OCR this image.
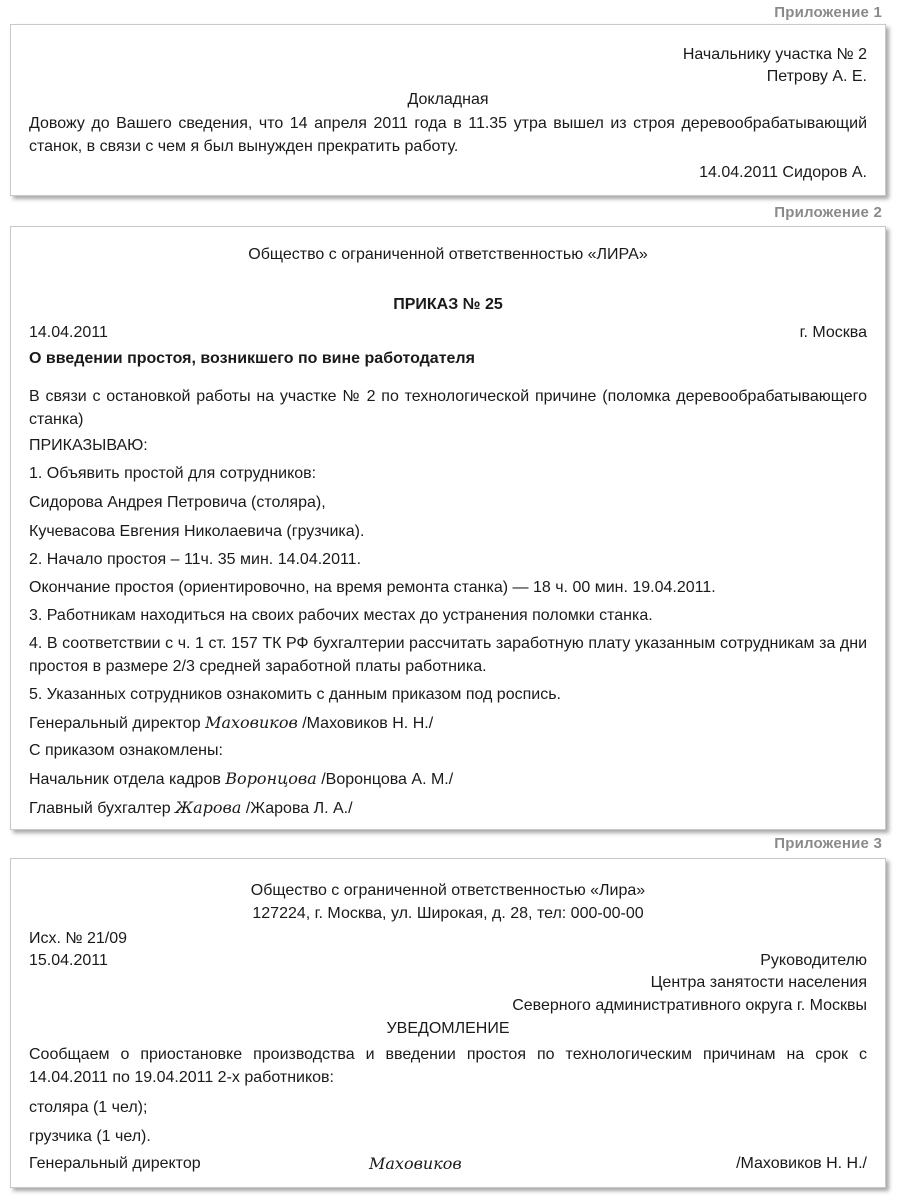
Приложение 1
Начальнику участка № 2
Петрову А. Е.
Докладная
Довожу до Вашего сведения, что 14 апреля 2011 года в 11.35 утра вышел из строя деревообрабатывающий станок, в связи с чем я был вынужден прекратить работу.
14.04.2011 Сидоров А.
Приложение 2
Общество с ограниченной ответственностью «ЛИРА»
ПРИКАЗ № 25
14.04.2011	г. Москва
О введении простоя, возникшего по вине работодателя
В связи с остановкой работы на участке № 2 по технологической причине (поломка деревообрабатывающего станка)
ПРИКАЗЫВАЮ:
1. Объявить простой для сотрудников:
Сидорова Андрея Петровича (столяра),
Кучевасова Евгения Николаевича (грузчика).
2. Начало простоя – 11ч. 35 мин. 14.04.2011.
Окончание простоя (ориентировочно, на время ремонта станка) — 18 ч. 00 мин. 19.04.2011.
3. Работникам находиться на своих рабочих местах до устранения поломки станка.
4. В соответствии с ч. 1 ст. 157 ТК РФ бухгалтерии рассчитать заработную плату указанным сотрудникам за дни простоя в размере 2/3 средней заработной платы работника.
5. Указанных сотрудников ознакомить с данным приказом под роспись.
Генеральный директор Маховиков /Маховиков Н. Н./
С приказом ознакомлены:
Начальник отдела кадров Воронцова /Воронцова А. М./
Главный бухгалтер Жарова /Жарова Л. А./
Приложение 3
Общество с ограниченной ответственностью «Лира»
127224, г. Москва, ул. Широкая, д. 28, тел: 000-00-00
Исх. № 21/09
15.04.2011	Руководителю
Центра занятости населения
Северного административного округа г. Москвы
УВЕДОМЛЕНИЕ
Сообщаем о приостановке производства и введении простоя по технологическим причинам на срок с 14.04.2011 по 19.04.2011 2-х работников:
столяра (1 чел);
грузчика (1 чел).
Генеральный директор	Маховиков	/Маховиков Н. Н./
